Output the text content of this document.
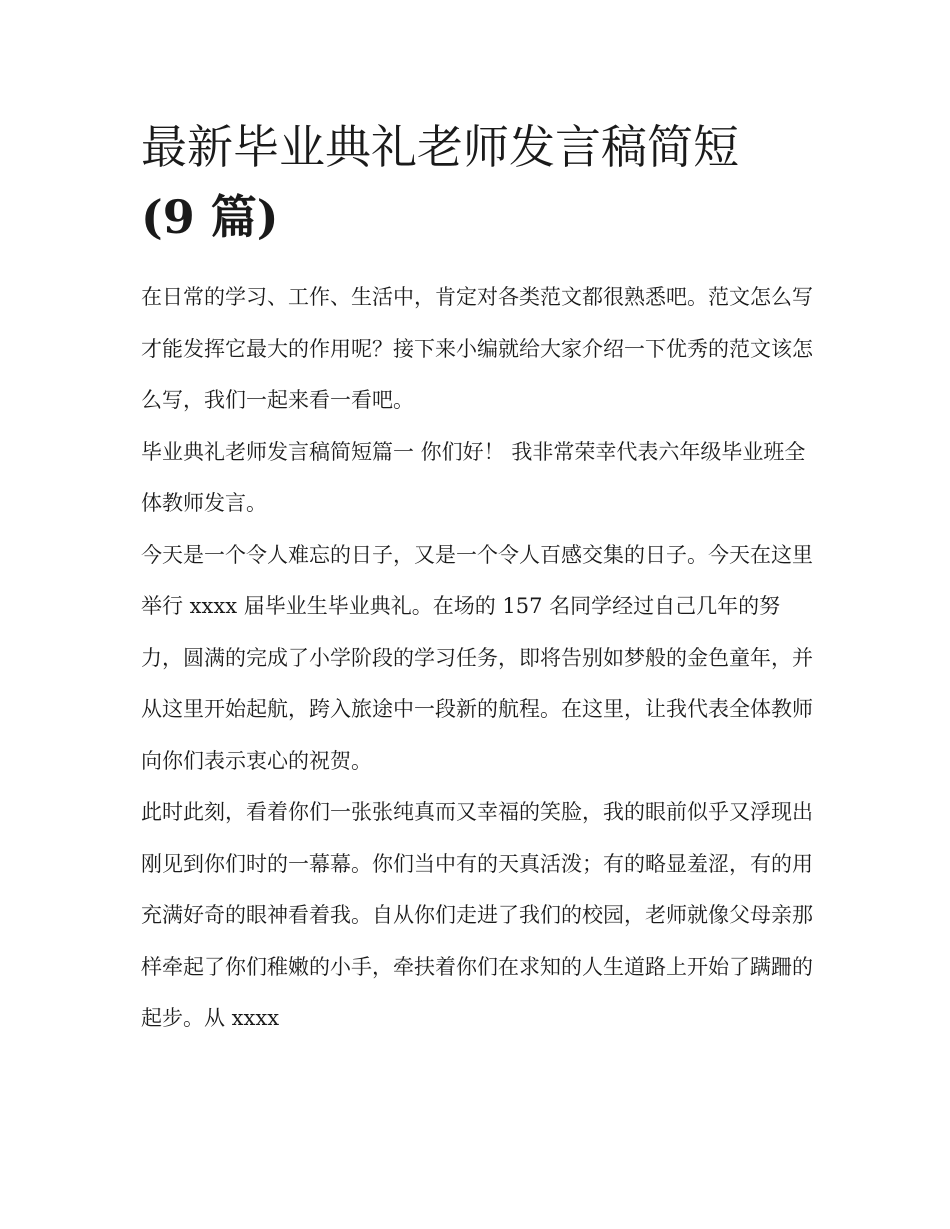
最新毕业典礼老师发言稿简短
(9 篇)

在日常的学习、工作、生活中，肯定对各类范文都很熟悉吧。范文怎么写才能发挥它最大的作用呢？接下来小编就给大家介绍一下优秀的范文该怎么写，我们一起来看一看吧。

毕业典礼老师发言稿简短篇一 你们好！ 我非常荣幸代表六年级毕业班全体教师发言。

今天是一个令人难忘的日子，又是一个令人百感交集的日子。今天在这里举行 xxxx 届毕业生毕业典礼。在场的 157 名同学经过自己几年的努力，圆满的完成了小学阶段的学习任务，即将告别如梦般的金色童年，并从这里开始起航，跨入旅途中一段新的航程。在这里，让我代表全体教师向你们表示衷心的祝贺。

此时此刻，看着你们一张张纯真而又幸福的笑脸，我的眼前似乎又浮现出刚见到你们时的一幕幕。你们当中有的天真活泼；有的略显羞涩，有的用充满好奇的眼神看着我。自从你们走进了我们的校园，老师就像父母亲那样牵起了你们稚嫩的小手，牵扶着你们在求知的人生道路上开始了蹒跚的起步。从 xxxx
